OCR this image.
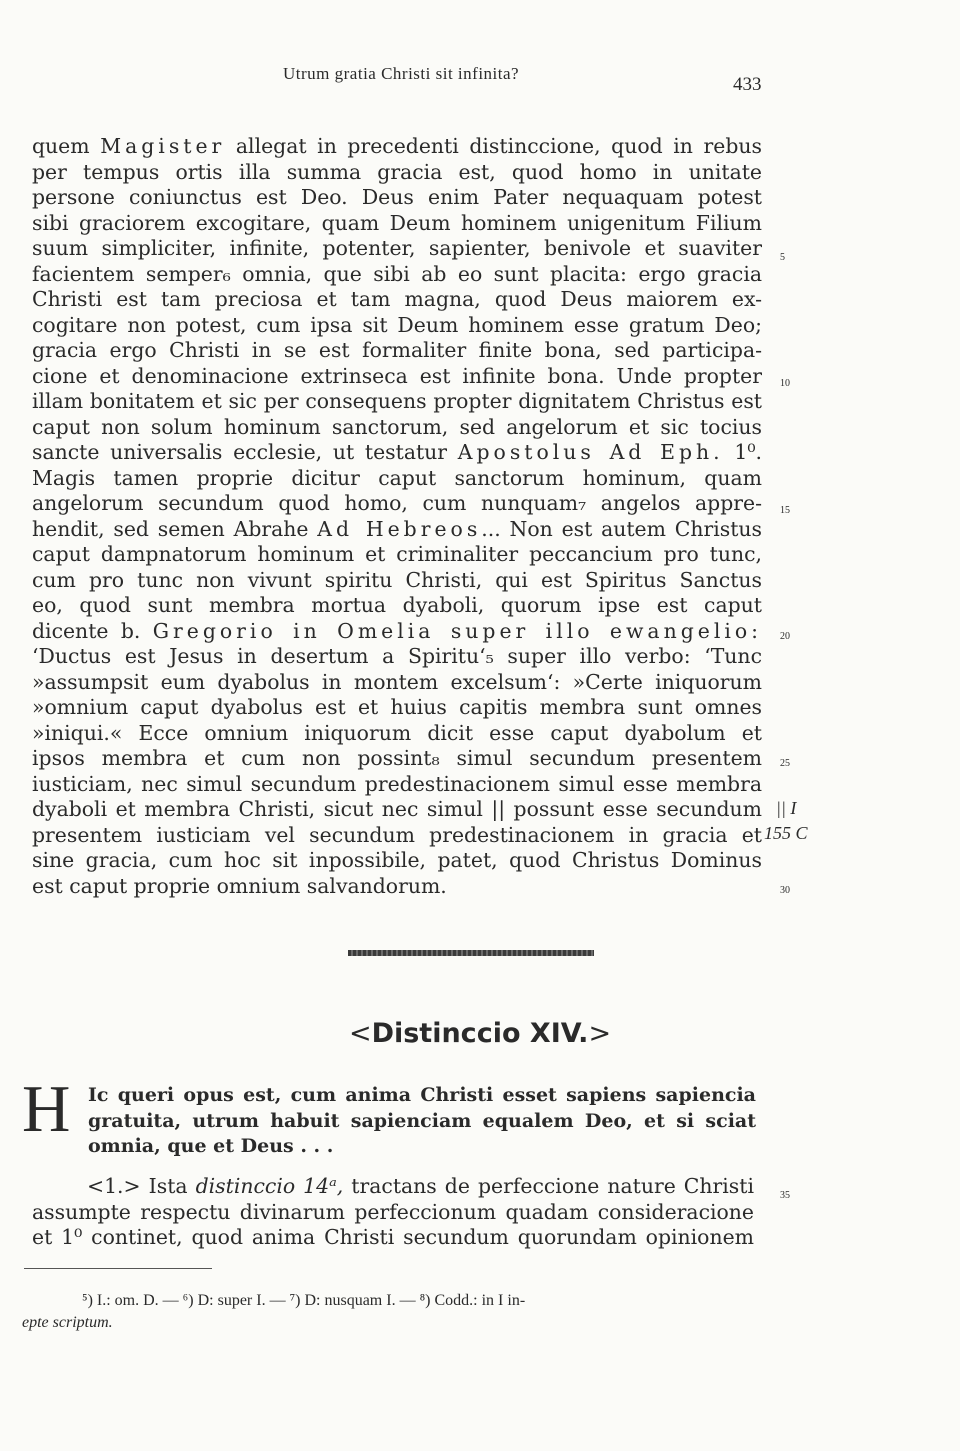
Utrum gratia Christi sit infinita?
433
quem Magister allegat in precedenti distinccione, quod in rebus
per tempus ortis illa summa gracia est, quod homo in unitate
persone coniunctus est Deo. Deus enim Pater nequaquam potest
sibi graciorem excogitare, quam Deum hominem unigenitum Filium
suum simpliciter, infinite, potenter, sapienter, benivole et suaviter
facientem semper₆ omnia, que sibi ab eo sunt placita: ergo gracia
Christi est tam preciosa et tam magna, quod Deus maiorem ex-
cogitare non potest, cum ipsa sit Deum hominem esse gratum Deo;
gracia ergo Christi in se est formaliter finite bona, sed participa-
cione et denominacione extrinseca est infinite bona. Unde propter
illam bonitatem et sic per consequens propter dignitatem Christus est
caput non solum hominum sanctorum, sed angelorum et sic tocius
sancte universalis ecclesie, ut testatur Apostolus Ad Eph. 1⁰.
Magis tamen proprie dicitur caput sanctorum hominum, quam
angelorum secundum quod homo, cum nunquam₇ angelos appre-
hendit, sed semen Abrahe Ad Hebreos... Non est autem Christus
caput dampnatorum hominum et criminaliter peccancium pro tunc,
cum pro tunc non vivunt spiritu Christi, qui est Spiritus Sanctus
eo, quod sunt membra mortua dyaboli, quorum ipse est caput
dicente b. Gregorio in Omelia super illo ewangelio:
‘Ductus est Jesus in desertum a Spiritu‘₅ super illo verbo: ‘Tunc
»assumpsit eum dyabolus in montem excelsum‘: »Certe iniquorum
»omnium caput dyabolus est et huius capitis membra sunt omnes
»iniqui.« Ecce omnium iniquorum dicit esse caput dyabolum et
ipsos membra et cum non possint₈ simul secundum presentem
iusticiam, nec simul secundum predestinacionem simul esse membra
dyaboli et membra Christi, sicut nec simul || possunt esse secundum
presentem iusticiam vel secundum predestinacionem in gracia et
sine gracia, cum hoc sit inpossibile, patet, quod Christus Dominus
est caput proprie omnium salvandorum.
5
10
15
20
25
|| I
155 C
30
<Distinccio XIV.>
H Ic queri opus est, cum anima Christi esset sapiens sapiencia
gratuita, utrum habuit sapienciam equalem Deo, et si sciat
omnia, que et Deus . . .
<1.> Ista distinccio 14ᵃ, tractans de perfeccione nature Christi
assumpte respectu divinarum perfeccionum quadam consideracione
et 1⁰ continet, quod anima Christi secundum quorundam opinionem
35
⁵) I.: om. D. — ⁶) D: super I. — ⁷) D: nusquam I. — ⁸) Codd.: in I in-
epte scriptum.
